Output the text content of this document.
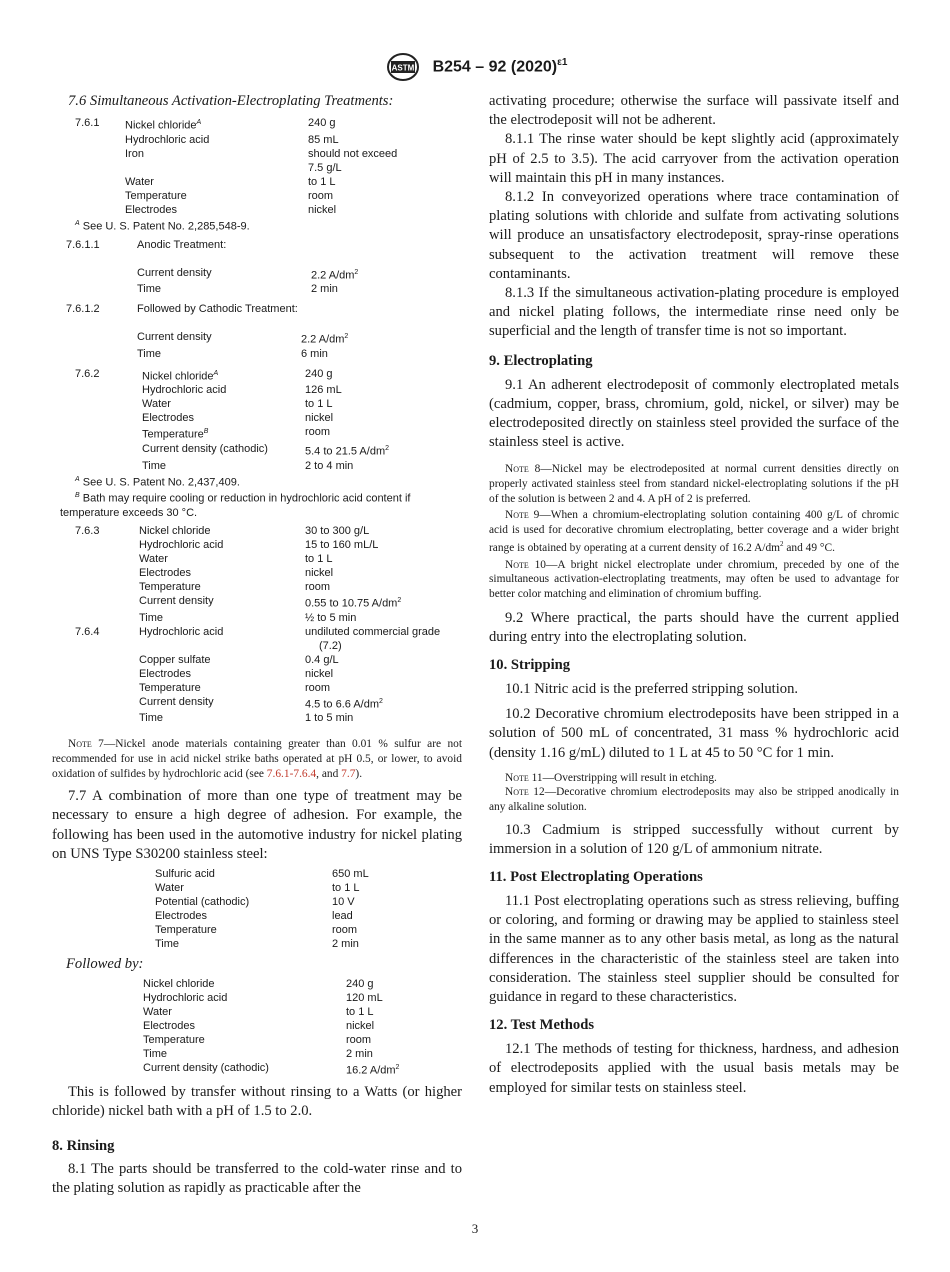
ASTM B254 – 92 $(2020)^{\varepsilon 1}$

7.6 Simultaneous Activation-Electroplating Treatments:

7.6.1	Nickel chloride$^A$	240 g
Hydrochloric acid	85 mL
Iron	should not exceed
7.5 g/L
Water	to 1 L
Temperature	room
Electrodes	nickel
$^A$ See U. S. Patent No. 2,285,548-9.
7.6.1.1	Anodic Treatment:
Current density	2.2 $A/dm^2$
Time	2 min
7.6.1.2	Followed by Cathodic Treatment:
Current density	2.2 $A/dm^2$
Time	6 min
7.6.2	Nickel chloride$^A$	240 g
Hydrochloric acid	126 mL
Water	to 1 L
Electrodes	nickel
Temperature$^B$	room
Current density (cathodic)	5.4 to 21.5 $A/dm^2$
Time	2 to 4 min
$^A$ See U. S. Patent No. 2,437,409.
$^B$ Bath may require cooling or reduction in hydrochloric acid content if
temperature exceeds 30 °C.
7.6.3	Nickel chloride	30 to 300 g/L
Hydrochloric acid	15 to 160 mL/L
Water	to 1 L
Electrodes	nickel
Temperature	room
Current density	0.55 to 10.75 $A/dm^2$
Time	½ to 5 min
7.6.4	Hydrochloric acid	undiluted commercial grade
(7.2)
Copper sulfate	0.4 g/L
Electrodes	nickel
Temperature	room
Current density	4.5 to 6.6 $A/dm^2$
Time	1 to 5 min

Note 7—Nickel anode materials containing greater than 0.01 % sulfur are not recommended for use in acid nickel strike baths operated at pH 0.5, or lower, to avoid oxidation of sulfides by hydrochloric acid (see 7.6.1-7.6.4, and 7.7).

7.7 A combination of more than one type of treatment may be necessary to ensure a high degree of adhesion. For example, the following has been used in the automotive industry for nickel plating on UNS Type S30200 stainless steel:

Sulfuric acid	650 mL
Water	to 1 L
Potential (cathodic)	10 V
Electrodes	lead
Temperature	room
Time	2 min

Followed by:

Nickel chloride	240 g
Hydrochloric acid	120 mL
Water	to 1 L
Electrodes	nickel
Temperature	room
Time	2 min
Current density (cathodic)	16.2 $A/dm^2$

This is followed by transfer without rinsing to a Watts (or higher chloride) nickel bath with a pH of 1.5 to 2.0.

8. Rinsing

8.1 The parts should be transferred to the cold-water rinse and to the plating solution as rapidly as practicable after the

activating procedure; otherwise the surface will passivate itself and the electrodeposit will not be adherent.

8.1.1 The rinse water should be kept slightly acid (approximately pH of 2.5 to 3.5). The acid carryover from the activation operation will maintain this pH in many instances.

8.1.2 In conveyorized operations where trace contamination of plating solutions with chloride and sulfate from activating solutions will produce an unsatisfactory electrodeposit, spray-rinse operations subsequent to the activation treatment will remove these contaminants.

8.1.3 If the simultaneous activation-plating procedure is employed and nickel plating follows, the intermediate rinse need only be superficial and the length of transfer time is not so important.

9. Electroplating

9.1 An adherent electrodeposit of commonly electroplated metals (cadmium, copper, brass, chromium, gold, nickel, or silver) may be electrodeposited directly on stainless steel provided the surface of the stainless steel is active.

Note 8—Nickel may be electrodeposited at normal current densities directly on properly activated stainless steel from standard nickel-electroplating solutions if the pH of the solution is between 2 and 4. A pH of 2 is preferred.

Note 9—When a chromium-electroplating solution containing 400 g/L of chromic acid is used for decorative chromium electroplating, better coverage and a wider bright range is obtained by operating at a current density of 16.2 $A/dm^2$ and 49 °C.

Note 10—A bright nickel electroplate under chromium, preceded by one of the simultaneous activation-electroplating treatments, may often be used to advantage for better color matching and elimination of chromium buffing.

9.2 Where practical, the parts should have the current applied during entry into the electroplating solution.

10. Stripping

10.1 Nitric acid is the preferred stripping solution.

10.2 Decorative chromium electrodeposits have been stripped in a solution of 500 mL of concentrated, 31 mass % hydrochloric acid (density 1.16 g/mL) diluted to 1 L at 45 to 50 °C for 1 min.

Note 11—Overstripping will result in etching.

Note 12—Decorative chromium electrodeposits may also be stripped anodically in any alkaline solution.

10.3 Cadmium is stripped successfully without current by immersion in a solution of 120 g/L of ammonium nitrate.

11. Post Electroplating Operations

11.1 Post electroplating operations such as stress relieving, buffing or coloring, and forming or drawing may be applied to stainless steel in the same manner as to any other basis metal, as long as the natural differences in the characteristic of the stainless steel are taken into consideration. The stainless steel supplier should be consulted for guidance in regard to these characteristics.

12. Test Methods

12.1 The methods of testing for thickness, hardness, and adhesion of electrodeposits applied with the usual basis metals may be employed for similar tests on stainless steel.

3
